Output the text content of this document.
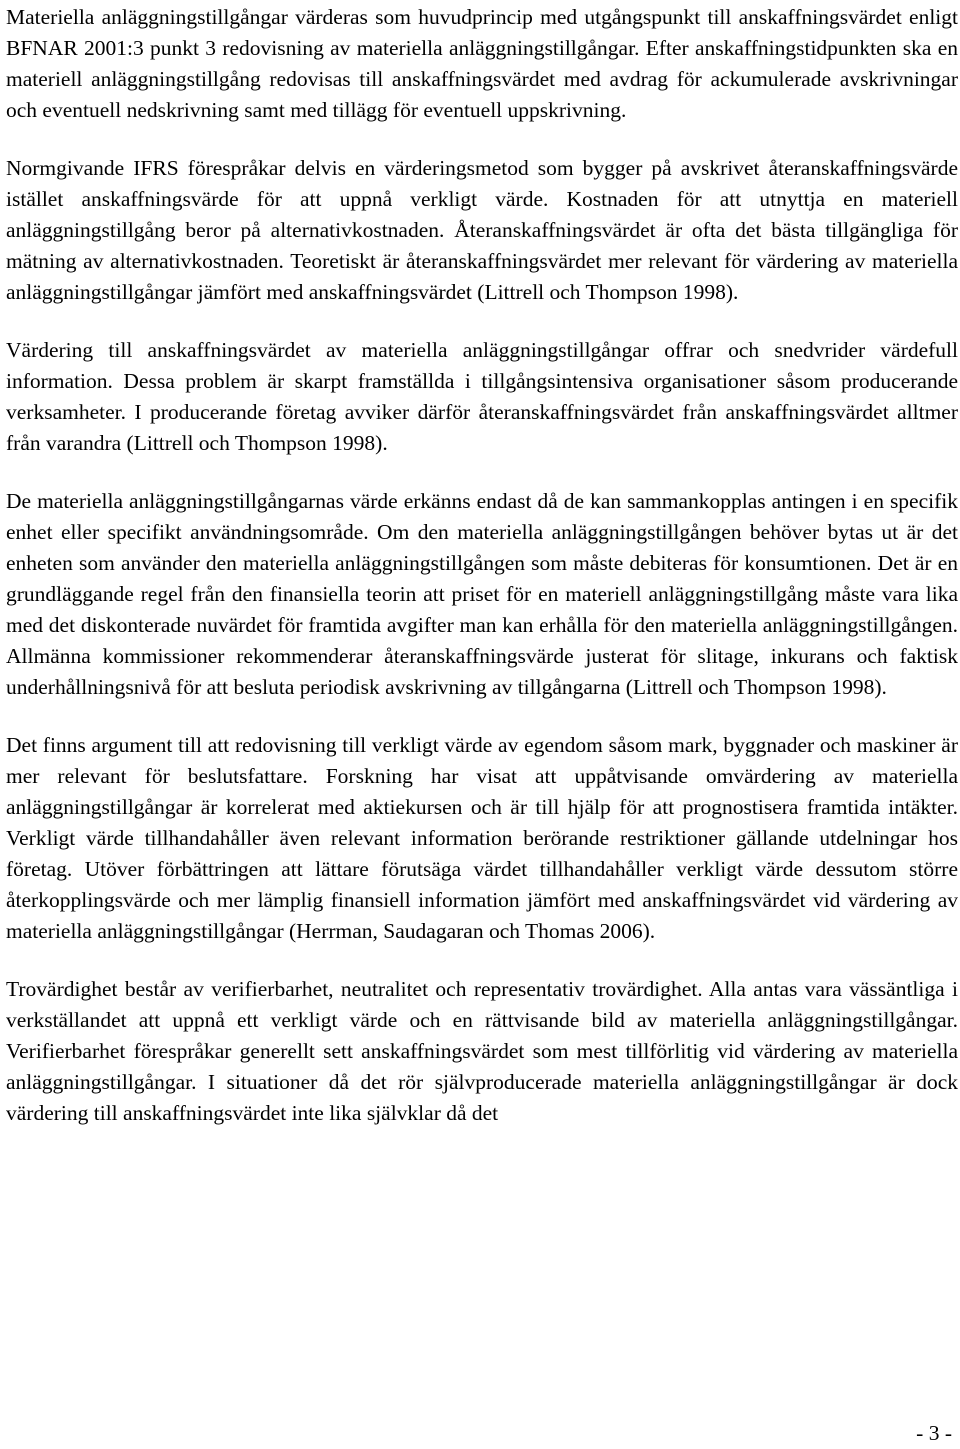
Materiella anläggningstillgångar värderas som huvudprincip med utgångspunkt till anskaffningsvärdet enligt BFNAR 2001:3 punkt 3 redovisning av materiella anläggningstillgångar. Efter anskaffningstidpunkten ska en materiell anläggningstillgång redovisas till anskaffningsvärdet med avdrag för ackumulerade avskrivningar och eventuell nedskrivning samt med tillägg för eventuell uppskrivning.

Normgivande IFRS förespråkar delvis en värderingsmetod som bygger på avskrivet återanskaffningsvärde istället anskaffningsvärde för att uppnå verkligt värde. Kostnaden för att utnyttja en materiell anläggningstillgång beror på alternativkostnaden. Återanskaffningsvärdet är ofta det bästa tillgängliga för mätning av alternativkostnaden. Teoretiskt är återanskaffningsvärdet mer relevant för värdering av materiella anläggningstillgångar jämfört med anskaffningsvärdet (Littrell och Thompson 1998).

Värdering till anskaffningsvärdet av materiella anläggningstillgångar offrar och snedvrider värdefull information. Dessa problem är skarpt framställda i tillgångsintensiva organisationer såsom producerande verksamheter. I producerande företag avviker därför återanskaffningsvärdet från anskaffningsvärdet alltmer från varandra (Littrell och Thompson 1998).

De materiella anläggningstillgångarnas värde erkänns endast då de kan sammankopplas antingen i en specifik enhet eller specifikt användningsområde. Om den materiella anläggningstillgången behöver bytas ut är det enheten som använder den materiella anläggningstillgången som måste debiteras för konsumtionen. Det är en grundläggande regel från den finansiella teorin att priset för en materiell anläggningstillgång måste vara lika med det diskonterade nuvärdet för framtida avgifter man kan erhålla för den materiella anläggningstillgången. Allmänna kommissioner rekommenderar återanskaffningsvärde justerat för slitage, inkurans och faktisk underhållningsnivå för att besluta periodisk avskrivning av tillgångarna (Littrell och Thompson 1998).

Det finns argument till att redovisning till verkligt värde av egendom såsom mark, byggnader och maskiner är mer relevant för beslutsfattare. Forskning har visat att uppåtvisande omvärdering av materiella anläggningstillgångar är korrelerat med aktiekursen och är till hjälp för att prognostisera framtida intäkter. Verkligt värde tillhandahåller även relevant information berörande restriktioner gällande utdelningar hos företag. Utöver förbättringen att lättare förutsäga värdet tillhandahåller verkligt värde dessutom större återkopplingsvärde och mer lämplig finansiell information jämfört med anskaffningsvärdet vid värdering av materiella anläggningstillgångar (Herrman, Saudagaran och Thomas 2006).

Trovärdighet består av verifierbarhet, neutralitet och representativ trovärdighet. Alla antas vara vässäntliga i verkställandet att uppnå ett verkligt värde och en rättvisande bild av materiella anläggningstillgångar. Verifierbarhet förespråkar generellt sett anskaffningsvärdet som mest tillförlitig vid värdering av materiella anläggningstillgångar. I situationer då det rör självproducerade materiella anläggningstillgångar är dock värdering till anskaffningsvärdet inte lika självklar då det

- 3 -
